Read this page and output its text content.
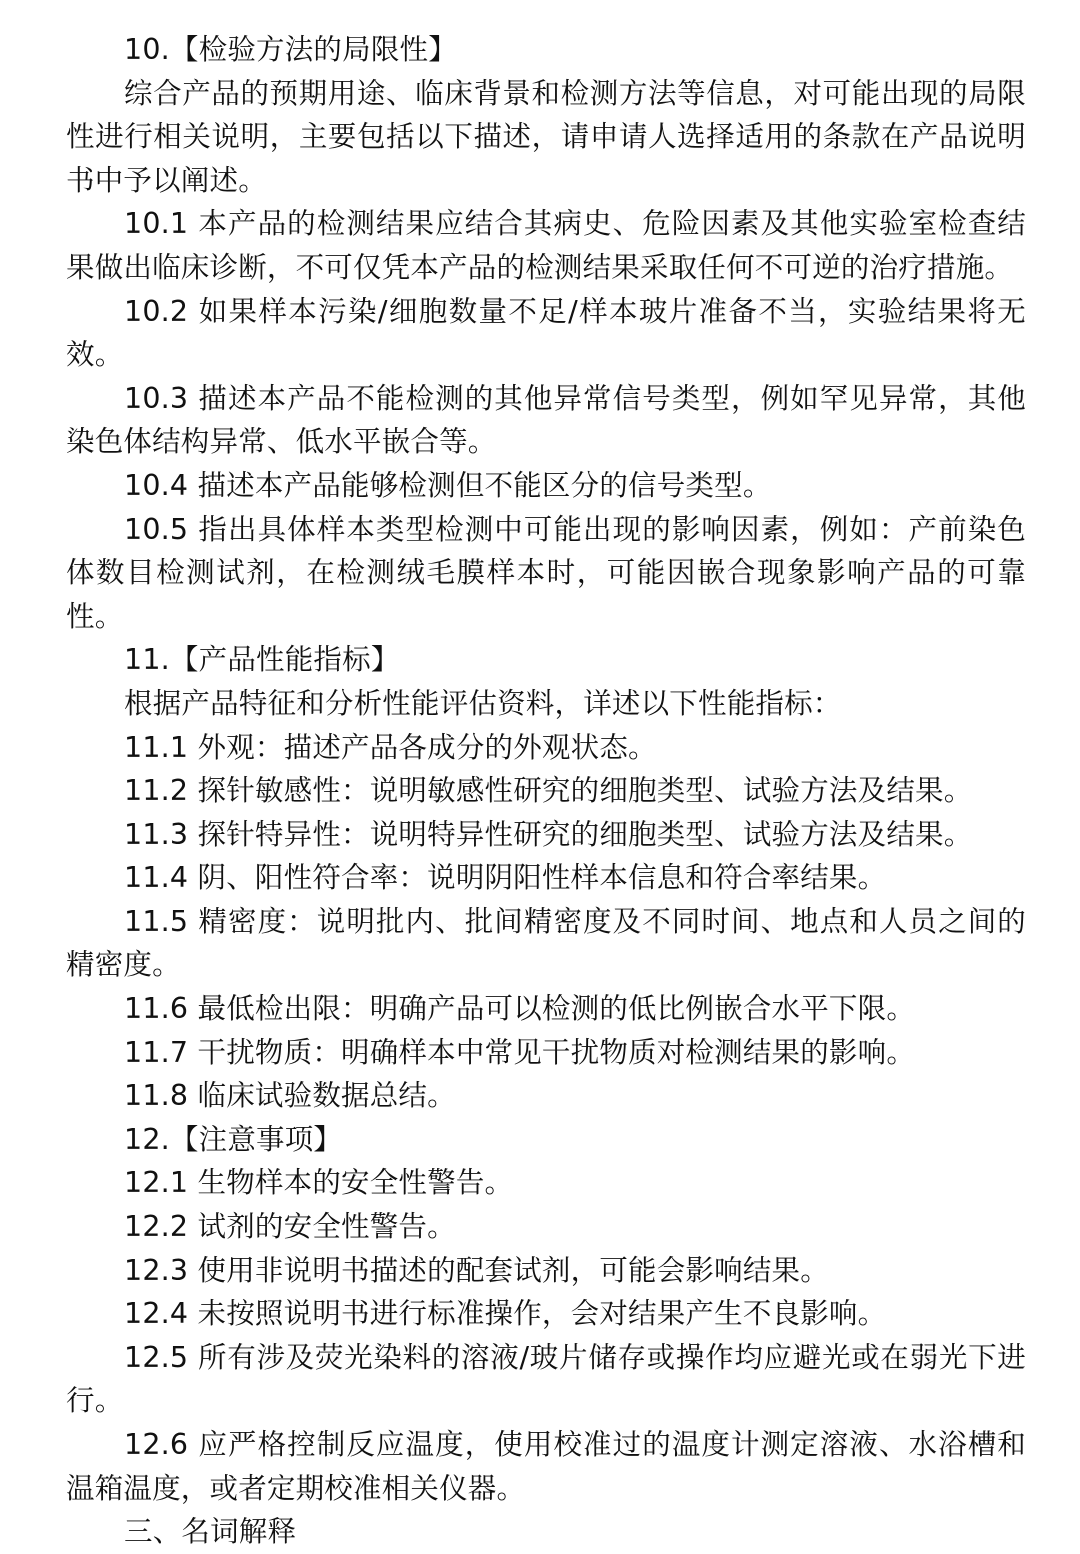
10.【检验方法的局限性】

综合产品的预期用途、临床背景和检测方法等信息，对可能出现的局限性进行相关说明，主要包括以下描述，请申请人选择适用的条款在产品说明书中予以阐述。

10.1 本产品的检测结果应结合其病史、危险因素及其他实验室检查结果做出临床诊断，不可仅凭本产品的检测结果采取任何不可逆的治疗措施。

10.2 如果样本污染/细胞数量不足/样本玻片准备不当，实验结果将无效。

10.3 描述本产品不能检测的其他异常信号类型，例如罕见异常，其他染色体结构异常、低水平嵌合等。

10.4 描述本产品能够检测但不能区分的信号类型。

10.5 指出具体样本类型检测中可能出现的影响因素，例如：产前染色体数目检测试剂，在检测绒毛膜样本时，可能因嵌合现象影响产品的可靠性。

11.【产品性能指标】

根据产品特征和分析性能评估资料，详述以下性能指标：

11.1 外观：描述产品各成分的外观状态。

11.2 探针敏感性：说明敏感性研究的细胞类型、试验方法及结果。

11.3 探针特异性：说明特异性研究的细胞类型、试验方法及结果。

11.4 阴、阳性符合率：说明阴阳性样本信息和符合率结果。

11.5 精密度：说明批内、批间精密度及不同时间、地点和人员之间的精密度。

11.6 最低检出限：明确产品可以检测的低比例嵌合水平下限。

11.7 干扰物质：明确样本中常见干扰物质对检测结果的影响。

11.8 临床试验数据总结。

12.【注意事项】

12.1 生物样本的安全性警告。

12.2 试剂的安全性警告。

12.3 使用非说明书描述的配套试剂，可能会影响结果。

12.4 未按照说明书进行标准操作，会对结果产生不良影响。

12.5 所有涉及荧光染料的溶液/玻片储存或操作均应避光或在弱光下进行。

12.6 应严格控制反应温度，使用校准过的温度计测定溶液、水浴槽和温箱温度，或者定期校准相关仪器。

三、名词解释
